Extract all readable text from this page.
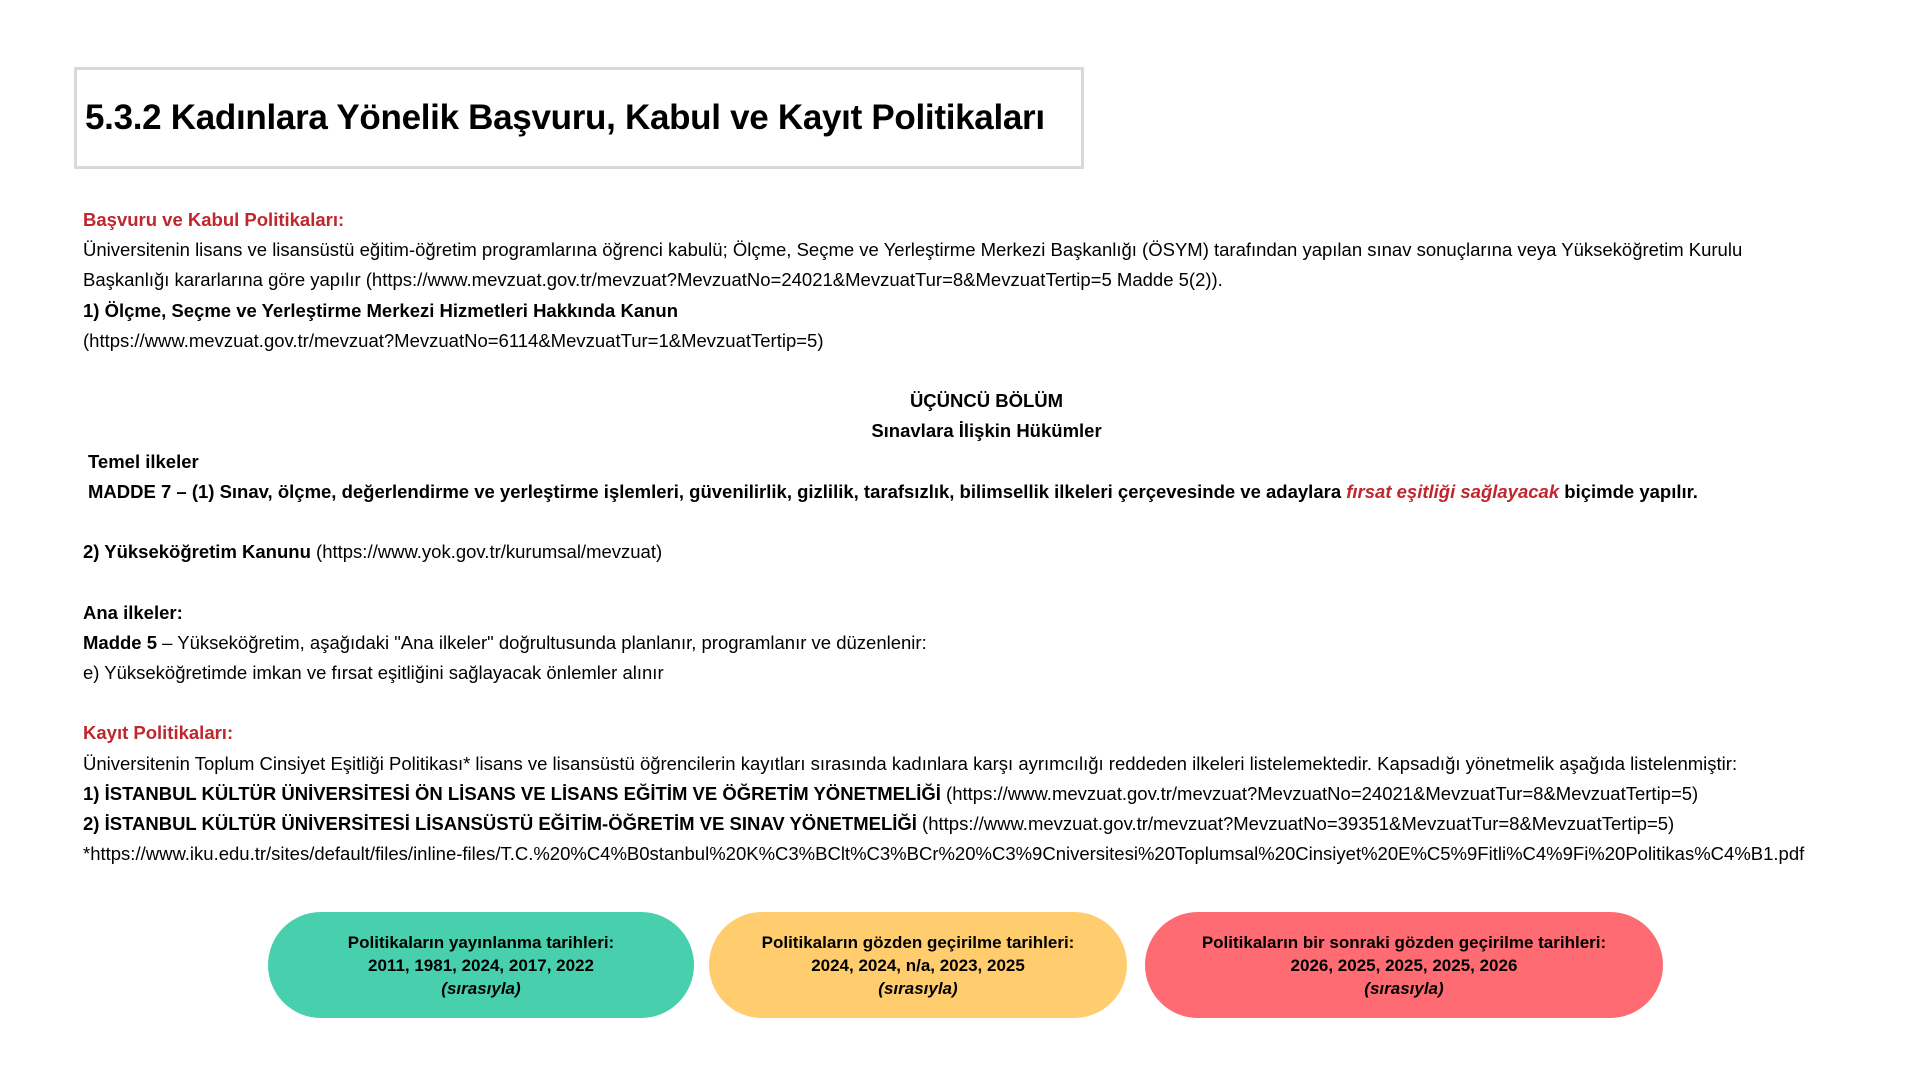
5.3.2 Kadınlara Yönelik Başvuru, Kabul ve Kayıt Politikaları
Başvuru ve Kabul Politikaları:
Üniversitenin lisans ve lisansüstü eğitim-öğretim programlarına öğrenci kabulü; Ölçme, Seçme ve Yerleştirme Merkezi Başkanlığı (ÖSYM) tarafından yapılan sınav sonuçlarına veya Yükseköğretim Kurulu
Başkanlığı kararlarına göre yapılır (https://www.mevzuat.gov.tr/mevzuat?MevzuatNo=24021&MevzuatTur=8&MevzuatTertip=5 Madde 5(2)).
1) Ölçme, Seçme ve Yerleştirme Merkezi Hizmetleri Hakkında Kanun
(https://www.mevzuat.gov.tr/mevzuat?MevzuatNo=6114&MevzuatTur=1&MevzuatTertip=5)
ÜÇÜNCÜ BÖLÜM
Sınavlara İlişkin Hükümler
Temel ilkeler
MADDE 7 – (1) Sınav, ölçme, değerlendirme ve yerleştirme işlemleri, güvenilirlik, gizlilik, tarafsızlık, bilimsellik ilkeleri çerçevesinde ve adaylara fırsat eşitliği sağlayacak biçimde yapılır.
2) Yükseköğretim Kanunu (https://www.yok.gov.tr/kurumsal/mevzuat)
Ana ilkeler:
Madde 5 – Yükseköğretim, aşağıdaki "Ana ilkeler" doğrultusunda planlanır, programlanır ve düzenlenir:
e) Yükseköğretimde imkan ve fırsat eşitliğini sağlayacak önlemler alınır
Kayıt Politikaları:
Üniversitenin Toplum Cinsiyet Eşitliği Politikası* lisans ve lisansüstü öğrencilerin kayıtları sırasında kadınlara karşı ayrımcılığı reddeden ilkeleri listelemektedir. Kapsadığı yönetmelik aşağıda listelenmiştir:
1) İSTANBUL KÜLTÜR ÜNİVERSİTESİ ÖN LİSANS VE LİSANS EĞİTİM VE ÖĞRETİM YÖNETMELİĞİ (https://www.mevzuat.gov.tr/mevzuat?MevzuatNo=24021&MevzuatTur=8&MevzuatTertip=5)
2) İSTANBUL KÜLTÜR ÜNİVERSİTESİ LİSANSÜSTÜ EĞİTİM-ÖĞRETİM VE SINAV YÖNETMELİĞİ (https://www.mevzuat.gov.tr/mevzuat?MevzuatNo=39351&MevzuatTur=8&MevzuatTertip=5)
*https://www.iku.edu.tr/sites/default/files/inline-files/T.C.%20%C4%B0stanbul%20K%C3%BClt%C3%BCr%20%C3%9Cniversitesi%20Toplumsal%20Cinsiyet%20E%C5%9Fitli%C4%9Fi%20Politikas%C4%B1.pdf
Politikaların yayınlanma tarihleri:
2011, 1981, 2024, 2017, 2022
(sırasıyla)
Politikaların gözden geçirilme tarihleri:
2024, 2024, n/a, 2023, 2025
(sırasıyla)
Politikaların bir sonraki gözden geçirilme tarihleri:
2026, 2025, 2025, 2025, 2026
(sırasıyla)
